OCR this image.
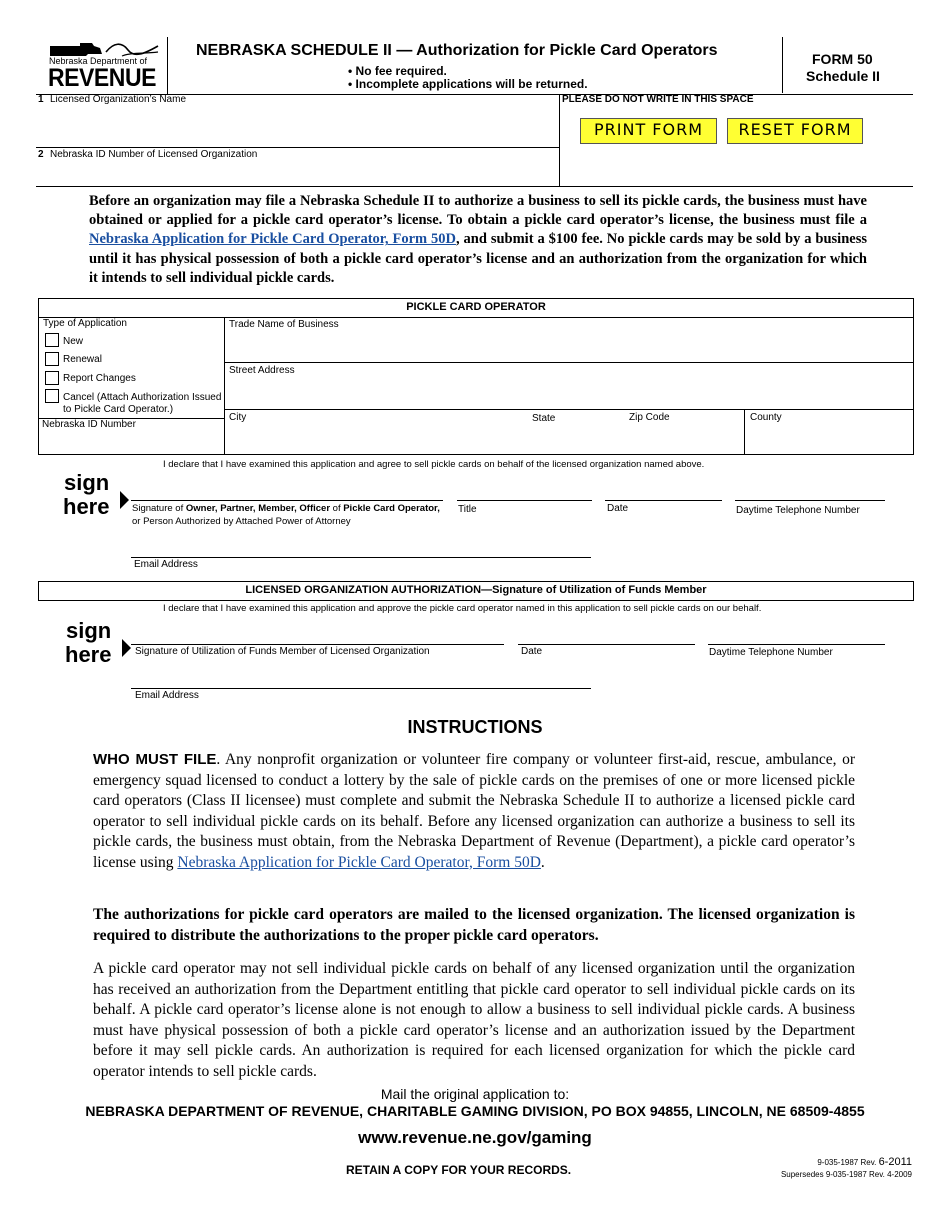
Nebraska Department of
REVENUE
NEBRASKA SCHEDULE II — Authorization for Pickle Card Operators
• No fee required.
• Incomplete applications will be returned.
FORM 50
Schedule II
1 Licensed Organization’s Name
2 Nebraska ID Number of Licensed Organization
PLEASE DO NOT WRITE IN THIS SPACE
PRINT FORM	RESET FORM
Before an organization may file a Nebraska Schedule II to authorize a business to sell its pickle cards, the business must have obtained or applied for a pickle card operator’s license. To obtain a pickle card operator’s license, the business must file a Nebraska Application for Pickle Card Operator, Form 50D, and submit a $100 fee. No pickle cards may be sold by a business until it has physical possession of both a pickle card operator’s license and an authorization from the organization for which it intends to sell individual pickle cards.
PICKLE CARD OPERATOR
Type of Application
New
Renewal
Report Changes
Cancel (Attach Authorization Issued to Pickle Card Operator.)
Nebraska ID Number
Trade Name of Business
Street Address
City	State	Zip Code	County
I declare that I have examined this application and agree to sell pickle cards on behalf of the licensed organization named above.
sign
here Signature of Owner, Partner, Member, Officer of Pickle Card Operator, or Person Authorized by Attached Power of Attorney
Title	Date	Daytime Telephone Number
Email Address
LICENSED ORGANIZATION AUTHORIZATION—Signature of Utilization of Funds Member
I declare that I have examined this application and approve the pickle card operator named in this application to sell pickle cards on our behalf.
sign
here Signature of Utilization of Funds Member of Licensed Organization	Date	Daytime Telephone Number
Email Address
INSTRUCTIONS
WHO MUST FILE. Any nonprofit organization or volunteer fire company or volunteer first-aid, rescue, ambulance, or emergency squad licensed to conduct a lottery by the sale of pickle cards on the premises of one or more licensed pickle card operators (Class II licensee) must complete and submit the Nebraska Schedule II to authorize a licensed pickle card operator to sell individual pickle cards on its behalf. Before any licensed organization can authorize a business to sell its pickle cards, the business must obtain, from the Nebraska Department of Revenue (Department), a pickle card operator’s license using Nebraska Application for Pickle Card Operator, Form 50D.
The authorizations for pickle card operators are mailed to the licensed organization. The licensed organization is required to distribute the authorizations to the proper pickle card operators.
A pickle card operator may not sell individual pickle cards on behalf of any licensed organization until the organization has received an authorization from the Department entitling that pickle card operator to sell individual pickle cards on its behalf. A pickle card operator’s license alone is not enough to allow a business to sell individual pickle cards. A business must have physical possession of both a pickle card operator’s license and an authorization issued by the Department before it may sell pickle cards. An authorization is required for each licensed organization for which the pickle card operator intends to sell pickle cards.
Mail the original application to:
NEBRASKA DEPARTMENT OF REVENUE, CHARITABLE GAMING DIVISION, PO BOX 94855, LINCOLN, NE 68509-4855
www.revenue.ne.gov/gaming
RETAIN A COPY FOR YOUR RECORDS.
9-035-1987 Rev. 6-2011
Supersedes 9-035-1987 Rev. 4-2009
